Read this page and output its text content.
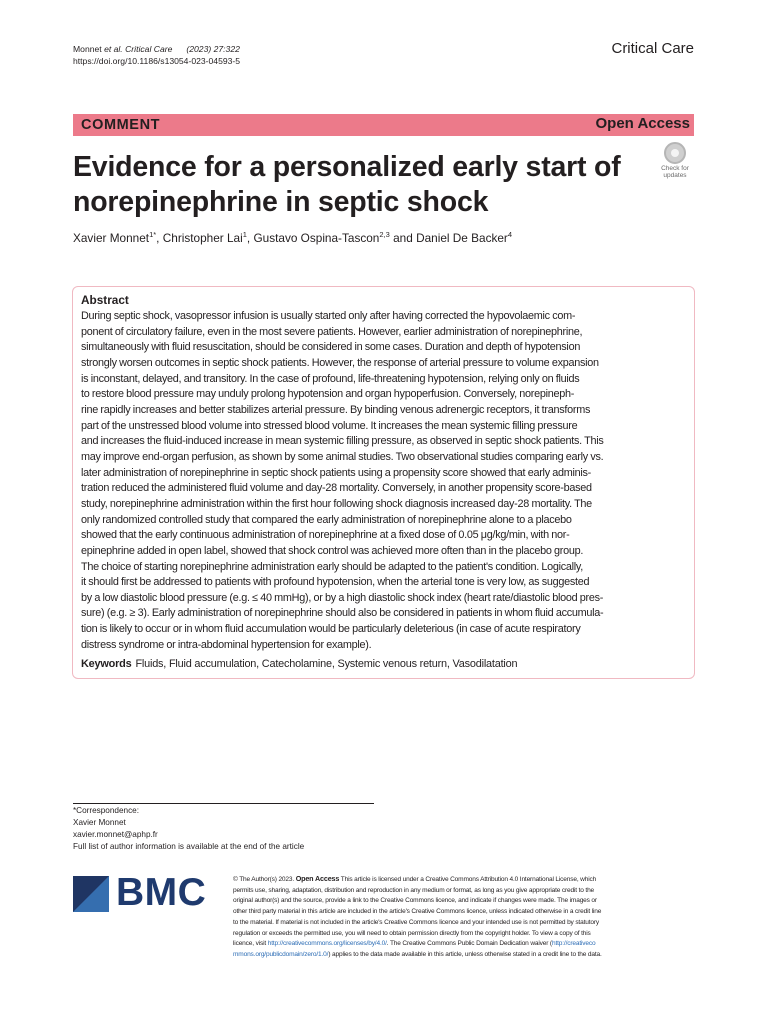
Monnet et al. Critical Care (2023) 27:322
https://doi.org/10.1186/s13054-023-04593-5
Critical Care
COMMENT	Open Access
Evidence for a personalized early start of norepinephrine in septic shock
Check for
updates
Xavier Monnet$^{1*}$, Christopher Lai$^1$, Gustavo Ospina-Tascon$^{2,3}$ and Daniel De Backer$^4$
Abstract
During septic shock, vasopressor infusion is usually started only after having corrected the hypovolaemic com-
ponent of circulatory failure, even in the most severe patients. However, earlier administration of norepinephrine,
simultaneously with fluid resuscitation, should be considered in some cases. Duration and depth of hypotension
strongly worsen outcomes in septic shock patients. However, the response of arterial pressure to volume expansion
is inconstant, delayed, and transitory. In the case of profound, life-threatening hypotension, relying only on fluids
to restore blood pressure may unduly prolong hypotension and organ hypoperfusion. Conversely, norepineph-
rine rapidly increases and better stabilizes arterial pressure. By binding venous adrenergic receptors, it transforms
part of the unstressed blood volume into stressed blood volume. It increases the mean systemic filling pressure
and increases the fluid-induced increase in mean systemic filling pressure, as observed in septic shock patients. This
may improve end-organ perfusion, as shown by some animal studies. Two observational studies comparing early vs.
later administration of norepinephrine in septic shock patients using a propensity score showed that early adminis-
tration reduced the administered fluid volume and day-28 mortality. Conversely, in another propensity score-based
study, norepinephrine administration within the first hour following shock diagnosis increased day-28 mortality. The
only randomized controlled study that compared the early administration of norepinephrine alone to a placebo
showed that the early continuous administration of norepinephrine at a fixed dose of 0.05 μg/kg/min, with nor-
epinephrine added in open label, showed that shock control was achieved more often than in the placebo group.
The choice of starting norepinephrine administration early should be adapted to the patient's condition. Logically,
it should first be addressed to patients with profound hypotension, when the arterial tone is very low, as suggested
by a low diastolic blood pressure (e.g. ≤ 40 mmHg), or by a high diastolic shock index (heart rate/diastolic blood pres-
sure) (e.g. ≥ 3). Early administration of norepinephrine should also be considered in patients in whom fluid accumula-
tion is likely to occur or in whom fluid accumulation would be particularly deleterious (in case of acute respiratory
distress syndrome or intra-abdominal hypertension for example).
Keywords Fluids, Fluid accumulation, Catecholamine, Systemic venous return, Vasodilatation
*Correspondence:
Xavier Monnet
xavier.monnet@aphp.fr
Full list of author information is available at the end of the article
BMC	© The Author(s) 2023. Open Access This article is licensed under a Creative Commons Attribution 4.0 International License, which
permits use, sharing, adaptation, distribution and reproduction in any medium or format, as long as you give appropriate credit to the
original author(s) and the source, provide a link to the Creative Commons licence, and indicate if changes were made. The images or
other third party material in this article are included in the article's Creative Commons licence, unless indicated otherwise in a credit line
to the material. If material is not included in the article's Creative Commons licence and your intended use is not permitted by statutory
regulation or exceeds the permitted use, you will need to obtain permission directly from the copyright holder. To view a copy of this
licence, visit http://creativecommons.org/licenses/by/4.0/. The Creative Commons Public Domain Dedication waiver (http://creativeco
mmons.org/publicdomain/zero/1.0/) applies to the data made available in this article, unless otherwise stated in a credit line to the data.
